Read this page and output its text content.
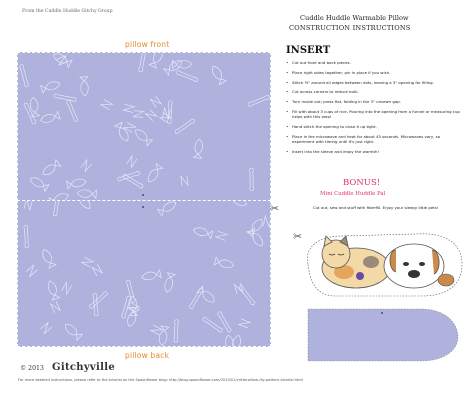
From the Cuddle Huddle Gitchy Group
Cuddle Huddle Warmable Pillow
CONSTRUCTION INSTRUCTIONS
pillow front
✂
pillow back
INSERT
• Cut out front and back pieces.
• Place right sides together; pin in place if you wish.
• Stitch ½" around all edges between dots, leaving a 3" opening for filling.
• Cut across corners to reduce bulk.
• Turn inside out; press flat, folding in the 3" unsewn gap.
• Fill with about 3 cups of rice. Pouring into the opening from a funnel or measuring cup helps with this step!
• Hand stitch the opening to close it up tight.
• Place in the microwave and heat for about 45 seconds. Microwaves vary, so experiment with timing until it's just right.
• Insert into the sleeve and enjoy the warmth!
BONUS!
Mini Cuddle Huddle Pal
Cut out, sew and stuff with fiberfill. Enjoy your sleepy little pets!
✂
© 2013 Gitchyville
For more detailed instructions, please refer to the tutorial on the Spoonflower blog: http://blog.spoonflower.com/2013/01/critterpillow-diy-pattern-tutorial.html
